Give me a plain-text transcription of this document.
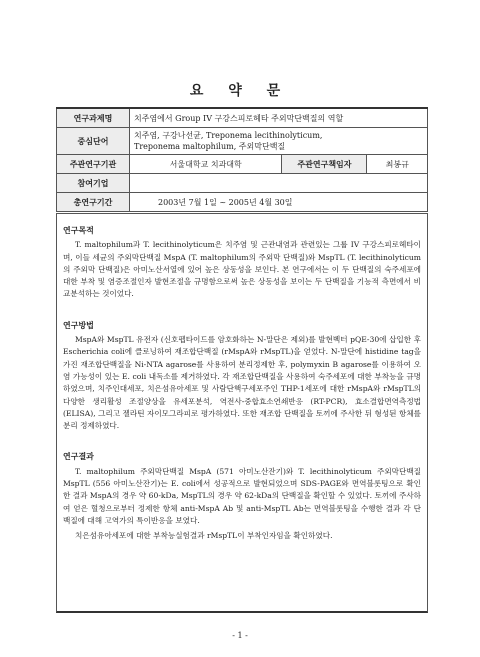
요 약 문
연구과제명	치주염에서 Group IV 구강스피로헤타 주외막단백질의 역할		
중심단어	치주염, 구강나선균, Treponema lecithinolyticum,
Treponema maltophilum, 주외막단백질		

주관연구기관	서울대학교 치과대학	주관연구책임자	최봉규
참여기업			
총연구기간	2003년 7월 1일 ~ 2005년 4월 30일		
연구목적

T. maltophilum과 T. lecithinolyticum은 치주염 및 근관내염과 관련있는 그룹 IV 구강스피로헤타이며, 이들 세균의 주외막단백질 MspA (T. maltophilum의 주외막 단백질)와 MspTL (T. lecithinolyticum의 주외막 단백질)은 아미노산서열에 있어 높은 상동성을 보인다. 본 연구에서는 이 두 단백질의 숙주세포에 대한 부착 및 염증조절인자 발현조절을 규명함으로써 높은 상동성을 보이는 두 단백질을 기능적 측면에서 비교분석하는 것이었다.

연구방법

MspA와 MspTL 유전자 (신호펩타이드를 암호화하는 N-말단은 제외)를 발현벡터 pQE-30에 삽입한 후 Escherichia coli에 클로닝하여 재조합단백질 (rMspA와 rMspTL)을 얻었다. N-말단에 histidine tag을 가진 재조합단백질을 Ni-NTA agarose를 사용하여 분리정제한 후, polymyxin B agarose를 이용하여 오염 가능성이 있는 E. coli 내독소를 제거하였다. 각 재조합단백질을 사용하여 숙주세포에 대한 부착능을 규명하였으며, 치주인대세포, 치은섬유아세포 및 사람단핵구세포주인 THP-1세포에 대한 rMspA와 rMspTL의 다양한 생리활성 조절양상을 유세포분석, 역전사-중합효소연쇄반응 (RT-PCR), 효소결합면역측정법 (ELISA), 그리고 젤라틴 자이모그라피로 평가하였다. 또한 재조합 단백질을 토끼에 주사한 뒤 형성된 항체를 분리 정제하였다.

연구결과

T. maltophilum 주외막단백질 MspA (571 아미노산잔기)와 T. lecithinolyticum 주외막단백질 MspTL (556 아미노산잔기)는 E. coli에서 성공적으로 발현되었으며 SDS-PAGE와 면역블롯팅으로 확인한 결과 MspA의 경우 약 60-kDa, MspTL의 경우 약 62-kDa의 단백질을 확인할 수 있었다. 토끼에 주사하여 얻은 혈청으로부터 정제한 항체 anti-MspA Ab 및 anti-MspTL Ab는 면역블롯팅을 수행한 결과 각 단백질에 대해 고역가의 특이반응을 보였다.

치은섬유아세포에 대한 부착능실험결과 rMspTL이 부착인자임을 확인하였다.

- 1 -
